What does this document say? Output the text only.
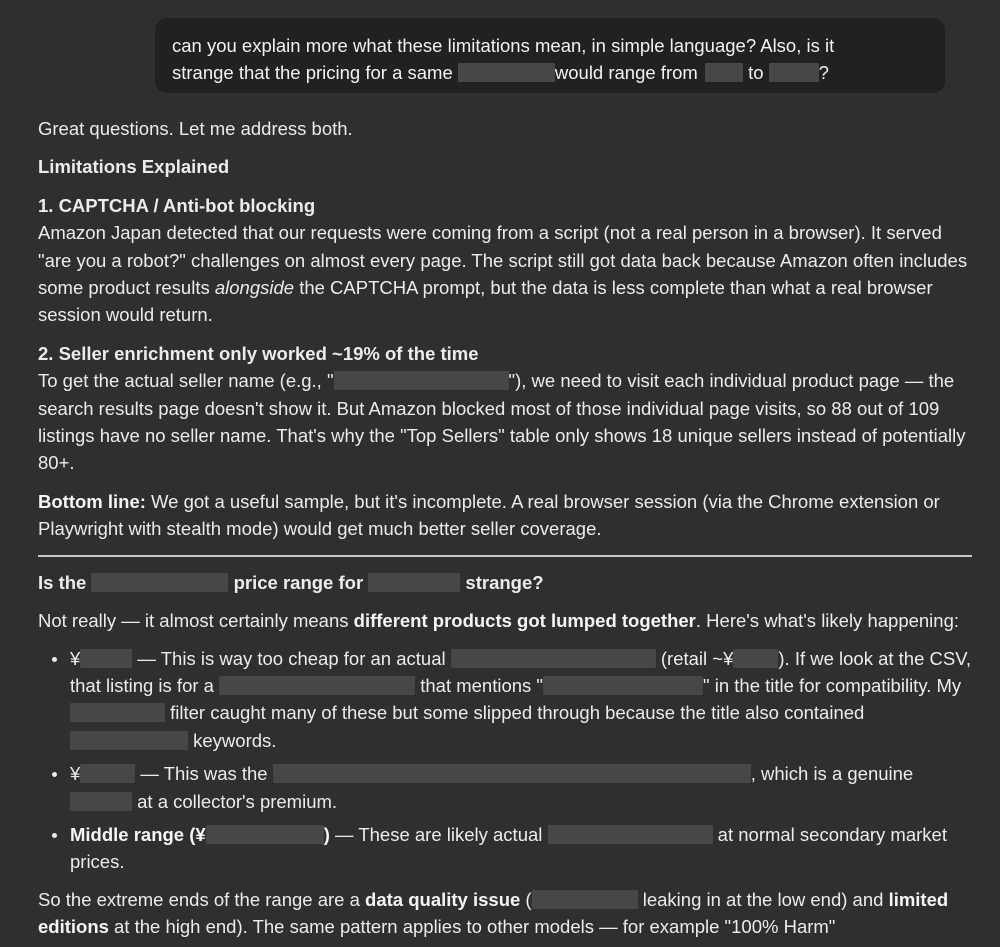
can you explain more what these limitations mean, in simple language? Also, is it
strange that the pricing for a same	would range from	to	?

Great questions. Let me address both.

Limitations Explained

1. CAPTCHA / Anti-bot blocking

Amazon Japan detected that our requests were coming from a script (not a real person in a browser). It served "are you a robot?" challenges on almost every page. The script still got data back because Amazon often includes some product results alongside the CAPTCHA prompt, but the data is less complete than what a real browser session would return.

2. Seller enrichment only worked ~19% of the time

To get the actual seller name (e.g., "	"), we need to visit each individual product page — the search results page doesn't show it. But Amazon blocked most of those individual page visits, so 88 out of 109 listings have no seller name. That's why the "Top Sellers" table only shows 18 unique sellers instead of potentially 80+.

Bottom line: We got a useful sample, but it's incomplete. A real browser session (via the Chrome extension or Playwright with stealth mode) would get much better seller coverage.

Is the	price range for	strange?

Not really — it almost certainly means different products got lumped together. Here's what's likely happening:

¥	— This is way too cheap for an actual	(retail ~¥ ). If we look at the CSV, that listing is for a	that mentions "	" in the title for compatibility. My  filter caught many of these but some slipped through because the title also contained  keywords.
¥	— This was the	, which is a genuine  at a collector's premium.
Middle range (¥	) — These are likely actual	at normal secondary market prices.

So the extreme ends of the range are a data quality issue (	leaking in at the low end) and limited editions at the high end). The same pattern applies to other models — for example "100% Harm"
